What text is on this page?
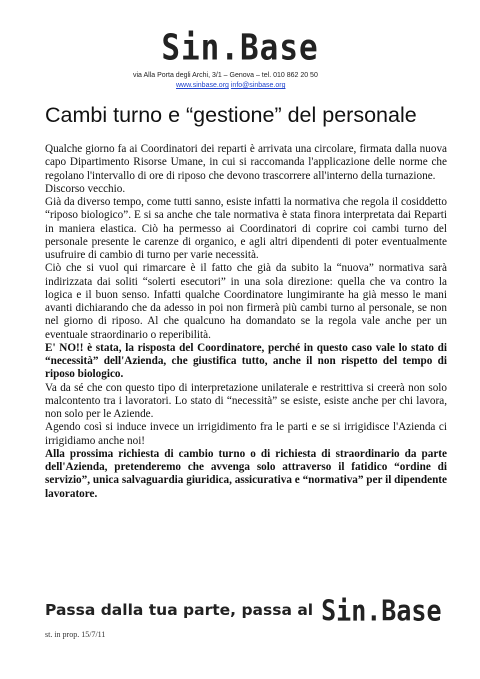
Sin.Base
via Alla Porta degli Archi, 3/1 – Genova – tel. 010 862 20 50
www.sinbase.org info@sinbase.org
Cambi turno e “gestione” del personale

Qualche giorno fa ai Coordinatori dei reparti è arrivata una circolare, firmata dalla nuova capo Dipartimento Risorse Umane, in cui si raccomanda l'applicazione delle norme che regolano l'intervallo di ore di riposo che devono trascorrere all'interno della turnazione.

Discorso vecchio.

Già da diverso tempo, come tutti sanno, esiste infatti la normativa che regola il cosiddetto “riposo biologico”. E si sa anche che tale normativa è stata finora interpretata dai Reparti in maniera elastica. Ciò ha permesso ai Coordinatori di coprire coi cambi turno del personale presente le carenze di organico, e agli altri dipendenti di poter eventualmente usufruire di cambio di turno per varie necessità.

Ciò che si vuol qui rimarcare è il fatto che già da subito la “nuova” normativa sarà indirizzata dai soliti “solerti esecutori” in una sola direzione: quella che va contro la logica e il buon senso. Infatti qualche Coordinatore lungimirante ha già messo le mani avanti dichiarando che da adesso in poi non firmerà più cambi turno al personale, se non nel giorno di riposo. Al che qualcuno ha domandato se la regola vale anche per un eventuale straordinario o reperibilità.

E' NO!! è stata, la risposta del Coordinatore, perché in questo caso vale lo stato di “necessità” dell'Azienda, che giustifica tutto, anche il non rispetto del tempo di riposo biologico.

Va da sé che con questo tipo di interpretazione unilaterale e restrittiva si creerà non solo malcontento tra i lavoratori. Lo stato di “necessità” se esiste, esiste anche per chi lavora, non solo per le Aziende.

Agendo così si induce invece un irrigidimento fra le parti e se si irrigidisce l'Azienda ci irrigidiamo anche noi!

Alla prossima richiesta di cambio turno o di richiesta di straordinario da parte dell'Azienda, pretenderemo che avvenga solo attraverso il fatidico “ordine di servizio”, unica salvaguardia giuridica, assicurativa e “normativa” per il dipendente lavoratore.

Passa dalla tua parte, passa al Sin.Base
st. in prop. 15/7/11
